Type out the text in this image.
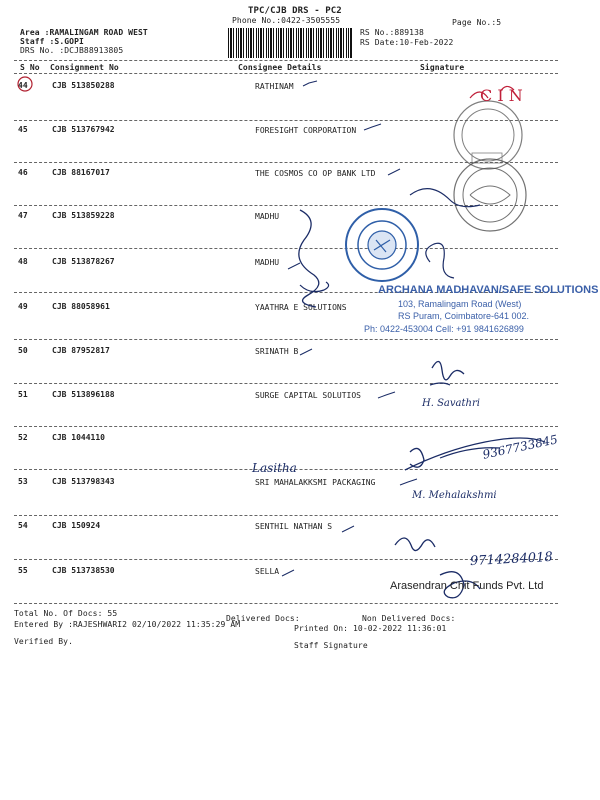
TPC/CJB DRS - PC2
Phone No.:0422-3505555
Area :RAMALINGAM ROAD WEST
Staff :S.GOPI
DRS No. :DCJB88913805
RS No.:889138
Page No.:5
RS Date:10-Feb-2022
S No Consignment No	Consignee Details	Signature
44	CJB 513850288	RATHINAM
45	CJB 513767942	FORESIGHT CORPORATION
46	CJB 88167017	THE COSMOS CO OP BANK LTD
47	CJB 513859228	MADHU
48	CJB 513878267	MADHU
49	CJB 88058961	YAATHRA E SOLUTIONS
50	CJB 87952817	SRINATH B
51	CJB 513896188	SURGE CAPITAL SOLUTIOS
52	CJB 1044110
53	CJB 513798343	SRI MAHALAKKSMI PACKAGING
54	CJB 150924	SENTHIL NATHAN S
55	CJB 513738530	SELLA
Total No. Of Docs: 55
Delivered Docs:	Non Delivered Docs:
Entered By :RAJESHWARI2 02/10/2022 11:35:29 AM	Printed On: 10-02-2022 11:36:01
Verified By.	Staff Signature
ARCHANA MADHAVAN/SAFE SOLUTIONS
103, Ramalingam Road (West)
RS Puram, Coimbatore-641 002.
Ph: 0422-453004 Cell: +91 9841626899
Arasendran Chit Funds Pvt. Ltd
C I N
9367733845
9714284018
H. Savathri
M. Mehalakshmi
Lasitha
